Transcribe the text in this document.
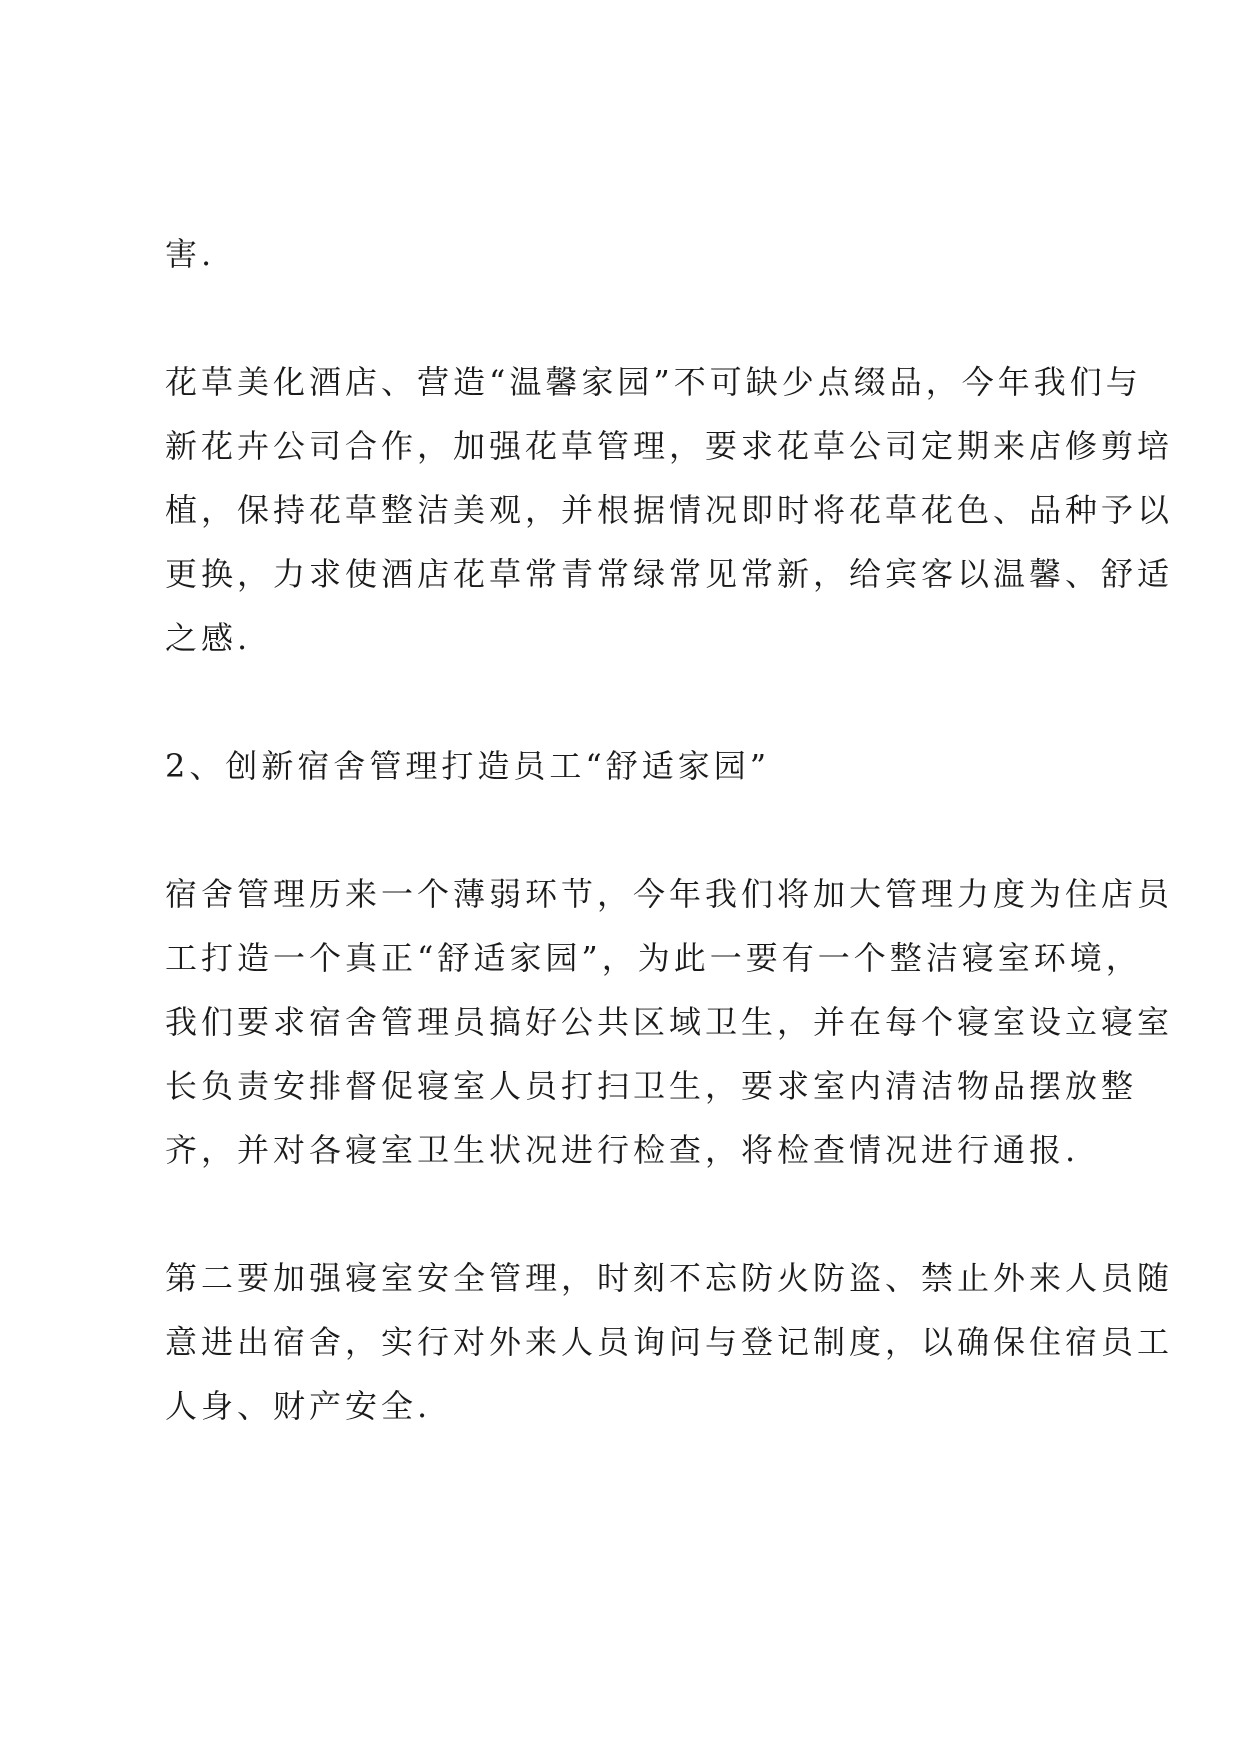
害.

花草美化酒店、营造“温馨家园”不可缺少点缀品，今年我们与
新花卉公司合作，加强花草管理，要求花草公司定期来店修剪培
植，保持花草整洁美观，并根据情况即时将花草花色、品种予以
更换，力求使酒店花草常青常绿常见常新，给宾客以温馨、舒适
之感.

2、创新宿舍管理打造员工“舒适家园”

宿舍管理历来一个薄弱环节，今年我们将加大管理力度为住店员
工打造一个真正“舒适家园”，为此一要有一个整洁寝室环境，
我们要求宿舍管理员搞好公共区域卫生，并在每个寝室设立寝室
长负责安排督促寝室人员打扫卫生，要求室内清洁物品摆放整
齐，并对各寝室卫生状况进行检查，将检查情况进行通报.

第二要加强寝室安全管理，时刻不忘防火防盗、禁止外来人员随
意进出宿舍，实行对外来人员询问与登记制度，以确保住宿员工
人身、财产安全.
